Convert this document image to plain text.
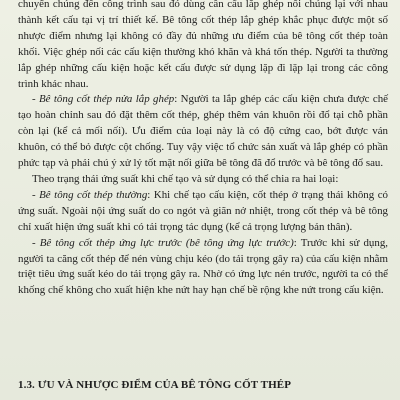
chuyển chúng đến công trình sau đó dùng cần cẩu lắp ghép nối chúng lại với nhau thành kết cấu tại vị trí thiết kế. Bê tông cốt thép lắp ghép khắc phục được một số nhược điểm nhưng lại không có đầy đủ những ưu điểm của bê tông cốt thép toàn khối. Việc ghép nối các cấu kiện thường khó khăn và khá tốn thép. Người ta thường lắp ghép những cấu kiện hoặc kết cấu được sử dụng lặp đi lặp lại trong các công trình khác nhau.

- Bê tông cốt thép nửa lắp ghép: Người ta lắp ghép các cấu kiện chưa được chế tạo hoàn chỉnh sau đó đặt thêm cốt thép, ghép thêm ván khuôn rồi đổ tại chỗ phần còn lại (kể cả mối nối). Ưu điểm của loại này là có độ cứng cao, bớt được ván khuôn, có thể bỏ được cột chống. Tuy vậy việc tổ chức sản xuất và lắp ghép có phần phức tạp và phải chú ý xử lý tốt mặt nối giữa bê tông đã đổ trước và bê tông đổ sau.

Theo trạng thái ứng suất khi chế tạo và sử dụng có thể chia ra hai loại:

- Bê tông cốt thép thường: Khi chế tạo cấu kiện, cốt thép ở trạng thái không có ứng suất. Ngoài nội ứng suất do co ngót và giãn nở nhiệt, trong cốt thép và bê tông chỉ xuất hiện ứng suất khi có tải trọng tác dụng (kể cả trọng lượng bản thân).

- Bê tông cốt thép ứng lực trước (bê tông ứng lực trước): Trước khi sử dụng, người ta căng cốt thép để nén vùng chịu kéo (do tải trọng gây ra) của cấu kiện nhằm triệt tiêu ứng suất kéo do tải trọng gây ra. Nhờ có ứng lực nén trước, người ta có thể khống chế không cho xuất hiện khe nứt hay hạn chế bề rộng khe nứt trong cấu kiện.

1.3. ƯU VÀ NHƯỢC ĐIỂM CỦA BÊ TÔNG CỐT THÉP
